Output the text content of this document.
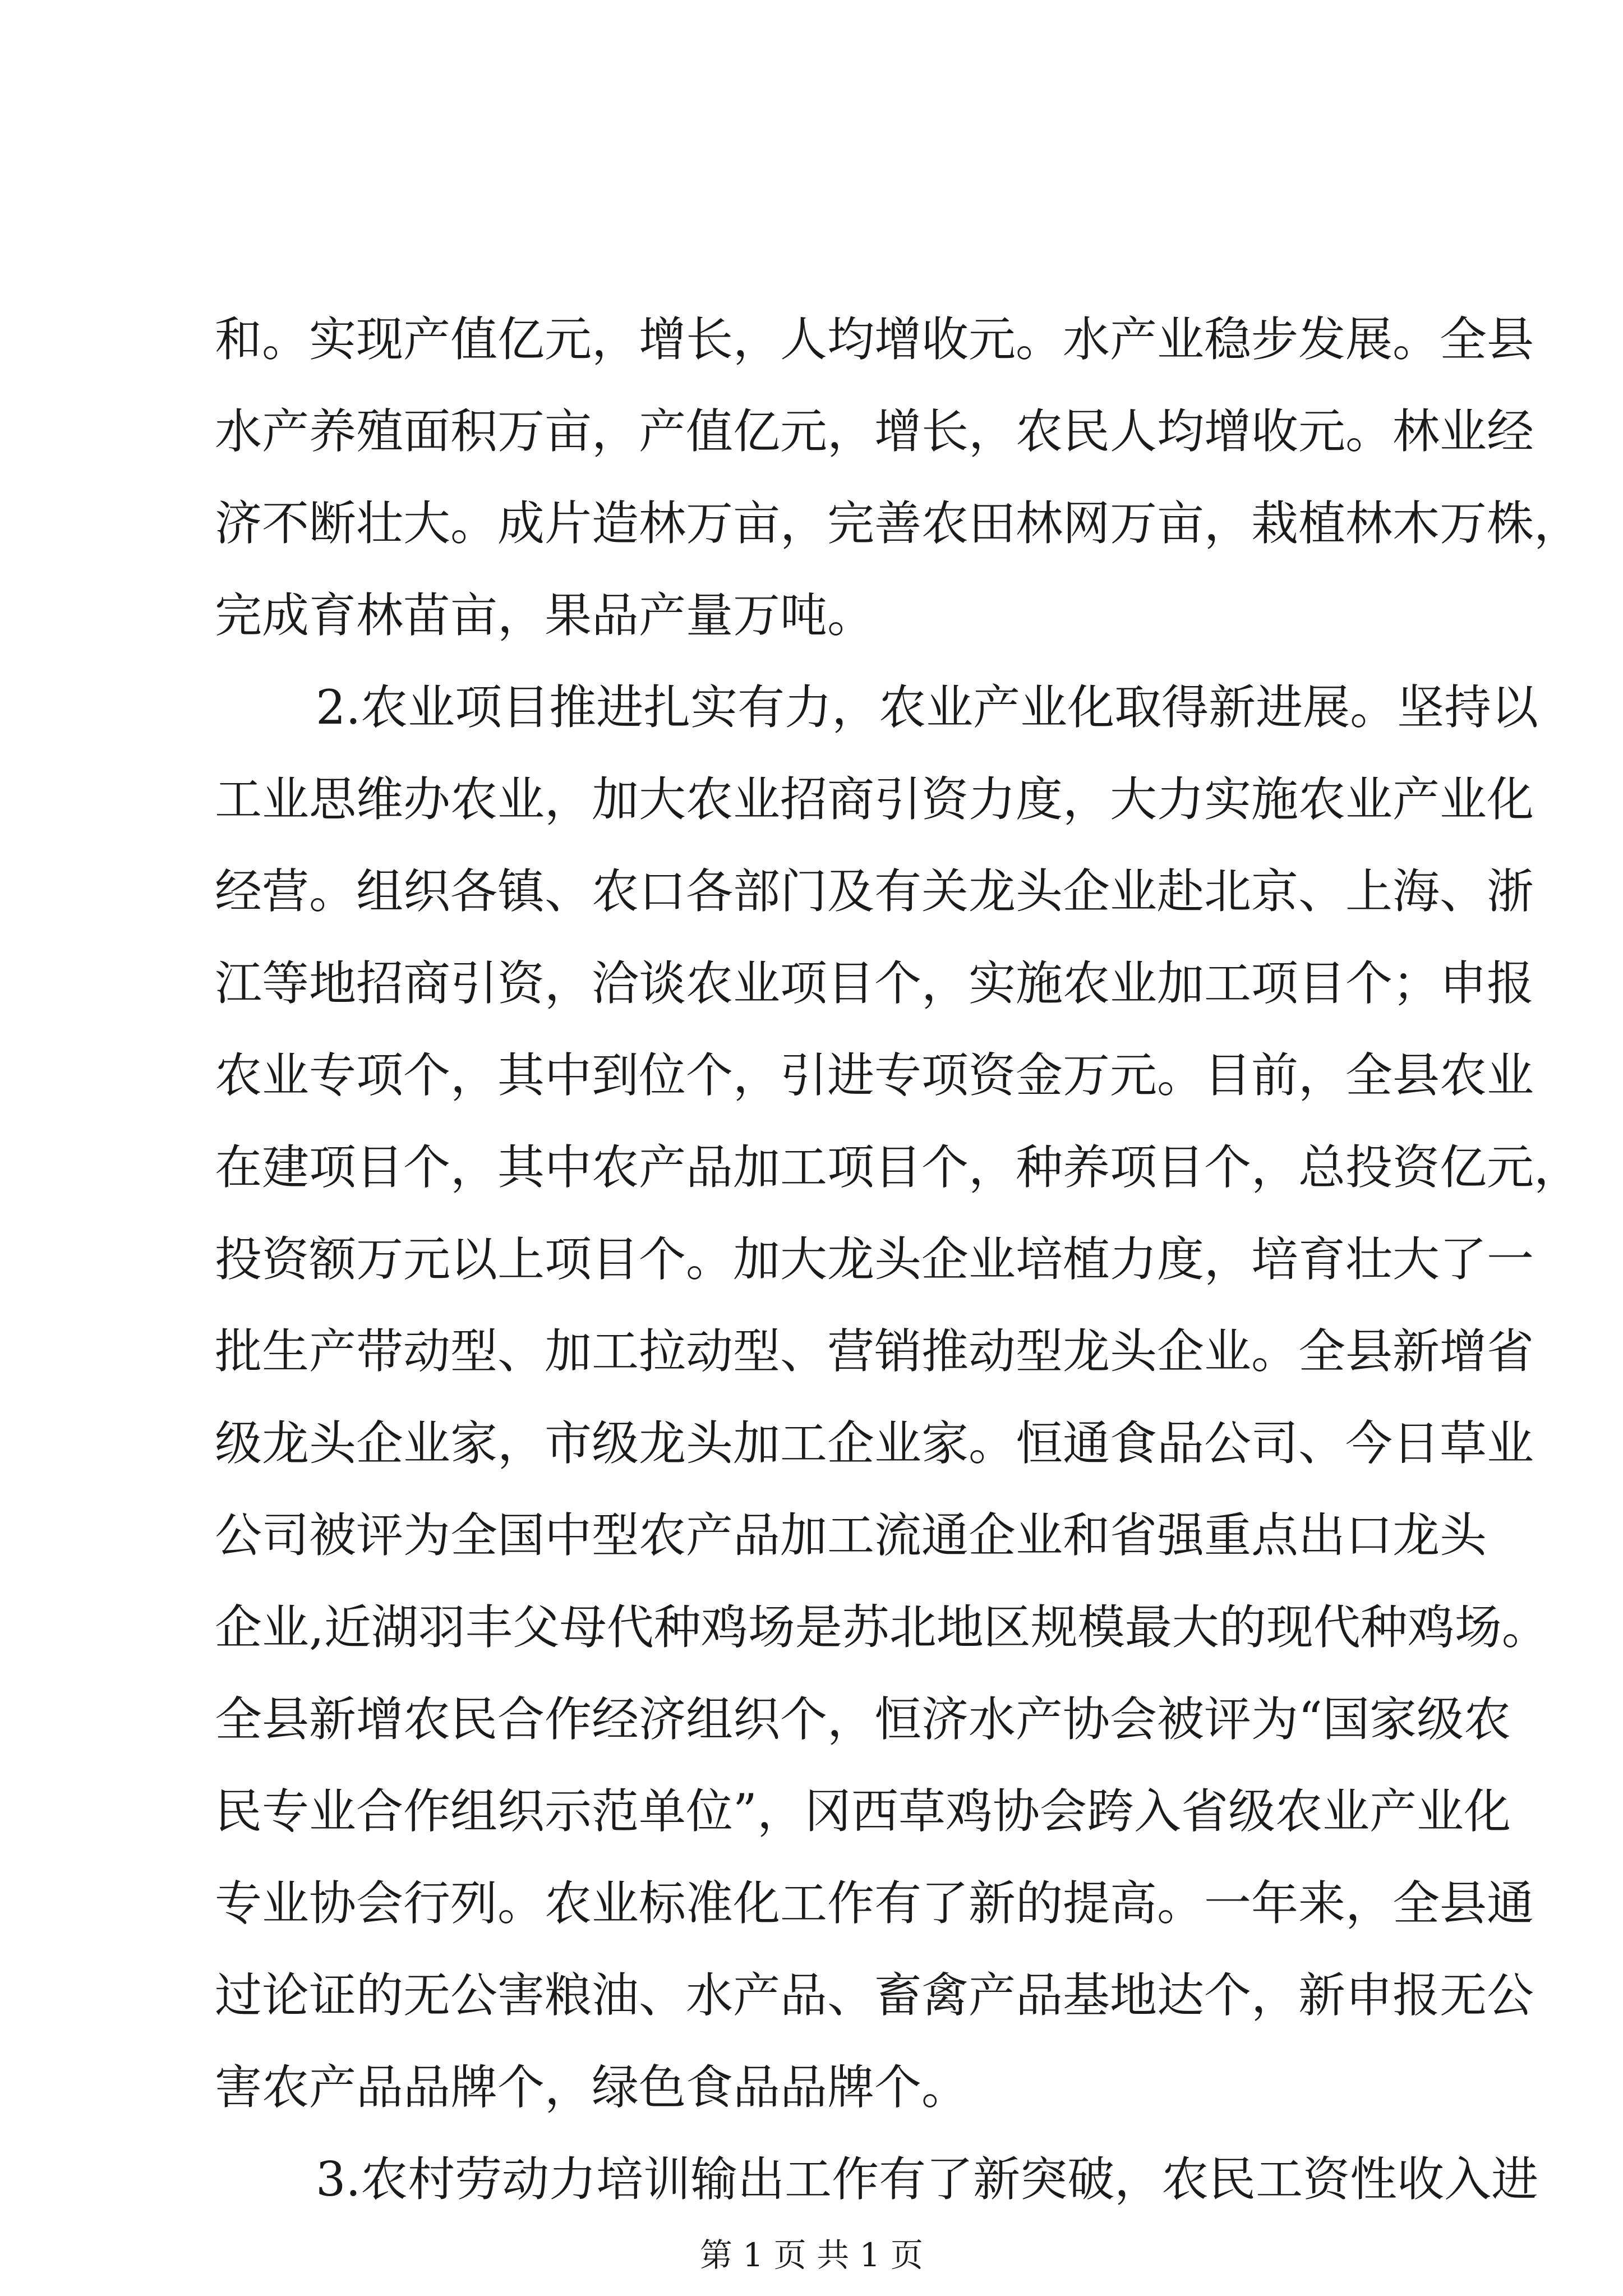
和。实现产值亿元，增长，人均增收元。水产业稳步发展。全县
水产养殖面积万亩，产值亿元，增长，农民人均增收元。林业经
济不断壮大。成片造林万亩，完善农田林网万亩，栽植林木万株，
完成育林苗亩，果品产量万吨。
2.农业项目推进扎实有力，农业产业化取得新进展。坚持以
工业思维办农业，加大农业招商引资力度，大力实施农业产业化
经营。组织各镇、农口各部门及有关龙头企业赴北京、上海、浙
江等地招商引资，洽谈农业项目个，实施农业加工项目个；申报
农业专项个，其中到位个，引进专项资金万元。目前，全县农业
在建项目个，其中农产品加工项目个，种养项目个，总投资亿元，
投资额万元以上项目个。加大龙头企业培植力度，培育壮大了一
批生产带动型、加工拉动型、营销推动型龙头企业。全县新增省
级龙头企业家，市级龙头加工企业家。恒通食品公司、今日草业
公司被评为全国中型农产品加工流通企业和省强重点出口龙头
企业,近湖羽丰父母代种鸡场是苏北地区规模最大的现代种鸡场。
全县新增农民合作经济组织个，恒济水产协会被评为“国家级农
民专业合作组织示范单位”，冈西草鸡协会跨入省级农业产业化
专业协会行列。农业标准化工作有了新的提高。一年来，全县通
过论证的无公害粮油、水产品、畜禽产品基地达个，新申报无公
害农产品品牌个，绿色食品品牌个。
3.农村劳动力培训输出工作有了新突破，农民工资性收入进
第 1 页 共 1 页
